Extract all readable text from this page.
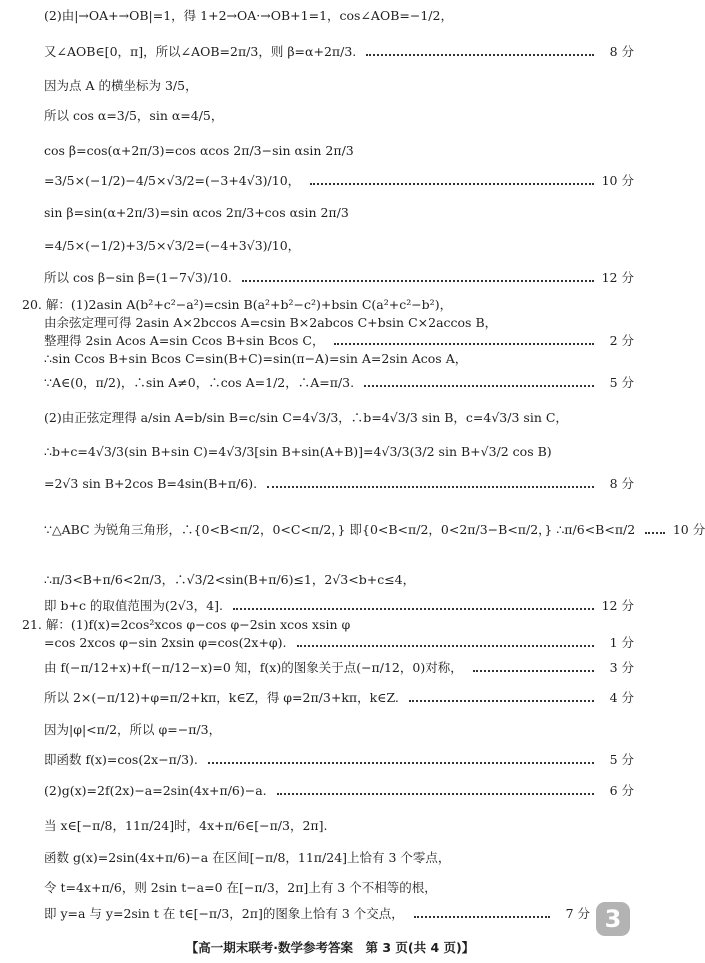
(2)由|→OA+→OB|=1，得 1+2→OA·→OB+1=1，cos∠AOB=−1/2，
又∠AOB∈[0，π]，所以∠AOB=2π/3，则 β=α+2π/3.	8 分
因为点 A 的横坐标为 3/5，
所以 cos α=3/5，sin α=4/5，
cos β=cos(α+2π/3)=cos αcos 2π/3−sin αsin 2π/3
=3/5×(−1/2)−4/5×√3/2=(−3+4√3)/10，	10 分
sin β=sin(α+2π/3)=sin αcos 2π/3+cos αsin 2π/3
=4/5×(−1/2)+3/5×√3/2=(−4+3√3)/10，
所以 cos β−sin β=(1−7√3)/10.	12 分
20. 解：(1)2asin A(b²+c²−a²)=csin B(a²+b²−c²)+bsin C(a²+c²−b²)，
由余弦定理可得 2asin A×2bccos A=csin B×2abcos C+bsin C×2accos B，
整理得 2sin Acos A=sin Ccos B+sin Bcos C，	2 分
∴sin Ccos B+sin Bcos C=sin(B+C)=sin(π−A)=sin A=2sin Acos A，
∵A∈(0，π/2)，∴sin A≠0，∴cos A=1/2，∴A=π/3.	5 分
(2)由正弦定理得 a/sin A=b/sin B=c/sin C=4√3/3，∴b=4√3/3 sin B，c=4√3/3 sin C，
∴b+c=4√3/3(sin B+sin C)=4√3/3[sin B+sin(A+B)]=4√3/3(3/2 sin B+√3/2 cos B)
=2√3 sin B+2cos B=4sin(B+π/6).	8 分
∵△ABC 为锐角三角形，∴{0<B<π/2，0<C<π/2，} 即{0<B<π/2，0<2π/3−B<π/2，} ∴π/6<B<π/2	10 分
∴π/3<B+π/6<2π/3，∴√3/2<sin(B+π/6)≤1，2√3<b+c≤4，
即 b+c 的取值范围为(2√3，4].	12 分
21. 解：(1)f(x)=2cos²xcos φ−cos φ−2sin xcos xsin φ
=cos 2xcos φ−sin 2xsin φ=cos(2x+φ).	1 分
由 f(−π/12+x)+f(−π/12−x)=0 知，f(x)的图象关于点(−π/12，0)对称，	3 分
所以 2×(−π/12)+φ=π/2+kπ，k∈Z，得 φ=2π/3+kπ，k∈Z.	4 分
因为|φ|<π/2，所以 φ=−π/3，
即函数 f(x)=cos(2x−π/3).	5 分
(2)g(x)=2f(2x)−a=2sin(4x+π/6)−a.	6 分
当 x∈[−π/8，11π/24]时，4x+π/6∈[−π/3，2π].
函数 g(x)=2sin(4x+π/6)−a 在区间[−π/8，11π/24]上恰有 3 个零点，
令 t=4x+π/6，则 2sin t−a=0 在[−π/3，2π]上有 3 个不相等的根，
即 y=a 与 y=2sin t 在 t∈[−π/3，2π]的图象上恰有 3 个交点，	7 分 3
【高一期末联考·数学参考答案　第 3 页(共 4 页)】
